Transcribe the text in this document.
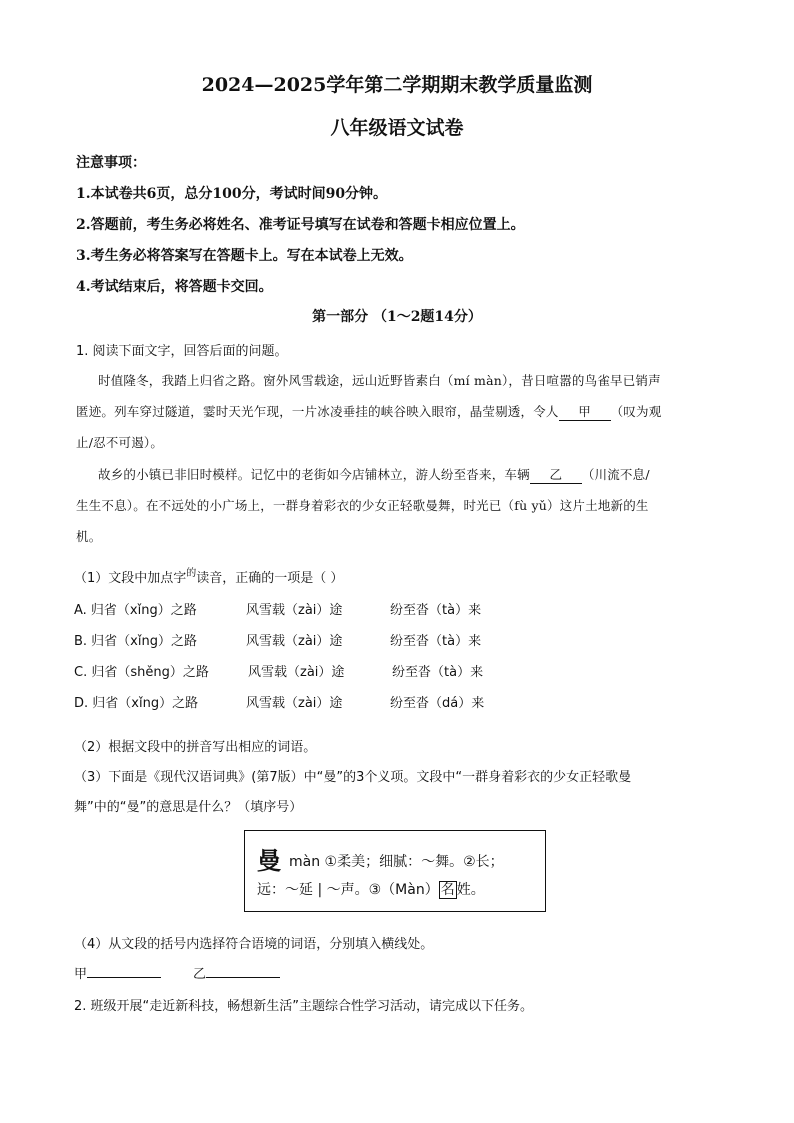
2024—2025学年第二学期期末教学质量监测
八年级语文试卷
注意事项：
1.本试卷共6页，总分100分，考试时间90分钟。
2.答题前，考生务必将姓名、准考证号填写在试卷和答题卡相应位置上。
3.考生务必将答案写在答题卡上。写在本试卷上无效。
4.考试结束后，将答题卡交回。
第一部分 （1～2题14分）
1. 阅读下面文字，回答后面的问题。
时值隆冬，我踏上归省之路。窗外风雪载途，远山近野皆素白（mí màn），昔日喧嚣的鸟雀早已销声
匿迹。列车穿过隧道，霎时天光乍现，一片冰凌垂挂的峡谷映入眼帘，晶莹剔透，令人 甲 （叹为观
止/忍不可遏）。
故乡的小镇已非旧时模样。记忆中的老街如今店铺林立，游人纷至沓来，车辆 乙 （川流不息/
生生不息）。在不远处的小广场上，一群身着彩衣的少女正轻歌曼舞，时光已（fù yǔ）这片土地新的生
机。
（1）文段中加点字$^的$读音，正确的一项是（ ）
A. 归省（xǐng）之路	风雪载（zài）途	纷至沓（tà）来
B. 归省（xǐng）之路	风雪载（zài）途	纷至沓（tà）来
C. 归省（shěng）之路	风雪载（zài）途	纷至沓（tà）来
D. 归省（xǐng）之路	风雪载（zài）途	纷至沓（dá）来
（2）根据文段中的拼音写出相应的词语。
（3）下面是《现代汉语词典》(第7版）中“曼”的3个义项。文段中“一群身着彩衣的少女正轻歌曼
舞”中的“曼”的意思是什么？（填序号）
曼màn ①柔美；细腻：～舞。②长；
远：～延 | ～声。③（Màn） 名 姓。
（4）从文段的括号内选择符合语境的词语，分别填入横线处。
甲	乙
2. 班级开展“走近新科技，畅想新生活”主题综合性学习活动，请完成以下任务。
